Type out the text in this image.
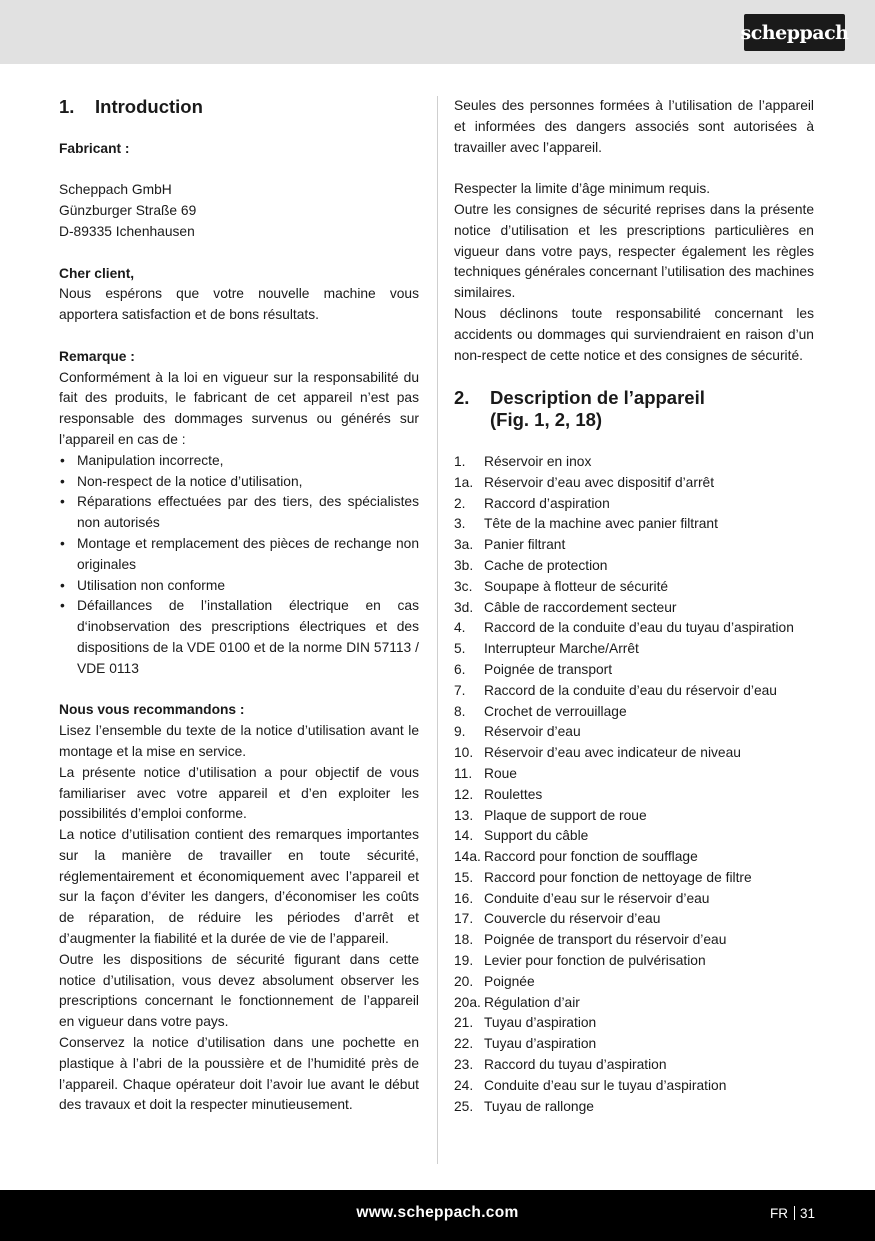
scheppach
1.	Introduction

Fabricant :

Scheppach GmbH

Günzburger Straße 69

D-89335 Ichenhausen

Cher client,

Nous espérons que votre nouvelle machine vous apportera satisfaction et de bons résultats.

Remarque :

Conformément à la loi en vigueur sur la responsabilité du fait des produits, le fabricant de cet appareil n’est pas responsable des dommages survenus ou générés sur l’appareil en cas de :

• Manipulation incorrecte,
• Non-respect de la notice d’utilisation,
• Réparations effectuées par des tiers, des spécialistes non autorisés
• Montage et remplacement des pièces de rechange non originales
• Utilisation non conforme
• Défaillances de l’installation électrique en cas d‘inobservation des prescriptions électriques et des dispositions de la VDE 0100 et de la norme DIN 57113 / VDE 0113

Nous vous recommandons :

Lisez l’ensemble du texte de la notice d’utilisation avant le montage et la mise en service.

La présente notice d’utilisation a pour objectif de vous familiariser avec votre appareil et d’en exploiter les possibilités d’emploi conforme.

La notice d’utilisation contient des remarques importantes sur la manière de travailler en toute sécurité, réglementairement et économiquement avec l’appareil et sur la façon d’éviter les dangers, d’économiser les coûts de réparation, de réduire les périodes d’arrêt et d’augmenter la fiabilité et la durée de vie de l’appareil.

Outre les dispositions de sécurité figurant dans cette notice d’utilisation, vous devez absolument observer les prescriptions concernant le fonctionnement de l’appareil en vigueur dans votre pays.

Conservez la notice d’utilisation dans une pochette en plastique à l’abri de la poussière et de l’humidité près de l’appareil. Chaque opérateur doit l’avoir lue avant le début des travaux et doit la respecter minutieusement.

Seules des personnes formées à l’utilisation de l’appareil et informées des dangers associés sont autorisées à travailler avec l’appareil.

Respecter la limite d’âge minimum requis.

Outre les consignes de sécurité reprises dans la présente notice d’utilisation et les prescriptions particulières en vigueur dans votre pays, respecter également les règles techniques générales concernant l’utilisation des machines similaires.

Nous déclinons toute responsabilité concernant les accidents ou dommages qui surviendraient en raison d’un non-respect de cette notice et des consignes de sécurité.

2.	Description de l’appareil
(Fig. 1, 2, 18)
1.	Réservoir en inox
1a. Réservoir d’eau avec dispositif d’arrêt
2.	Raccord d’aspiration
3.	Tête de la machine avec panier filtrant
3a. Panier filtrant
3b. Cache de protection
3c. Soupape à flotteur de sécurité
3d. Câble de raccordement secteur
4.	Raccord de la conduite d’eau du tuyau d’aspiration
5.	Interrupteur Marche/Arrêt
6.	Poignée de transport
7.	Raccord de la conduite d’eau du réservoir d’eau
8.	Crochet de verrouillage
9.	Réservoir d’eau
10. Réservoir d’eau avec indicateur de niveau
11. Roue
12. Roulettes
13. Plaque de support de roue
14. Support du câble
14a. Raccord pour fonction de soufflage
15. Raccord pour fonction de nettoyage de filtre
16. Conduite d’eau sur le réservoir d’eau
17. Couvercle du réservoir d’eau
18. Poignée de transport du réservoir d’eau
19. Levier pour fonction de pulvérisation
20. Poignée
20a. Régulation d’air
21. Tuyau d’aspiration
22. Tuyau d’aspiration
23. Raccord du tuyau d’aspiration
24. Conduite d’eau sur le tuyau d’aspiration
25. Tuyau de rallonge
www.scheppach.com	FR 31
